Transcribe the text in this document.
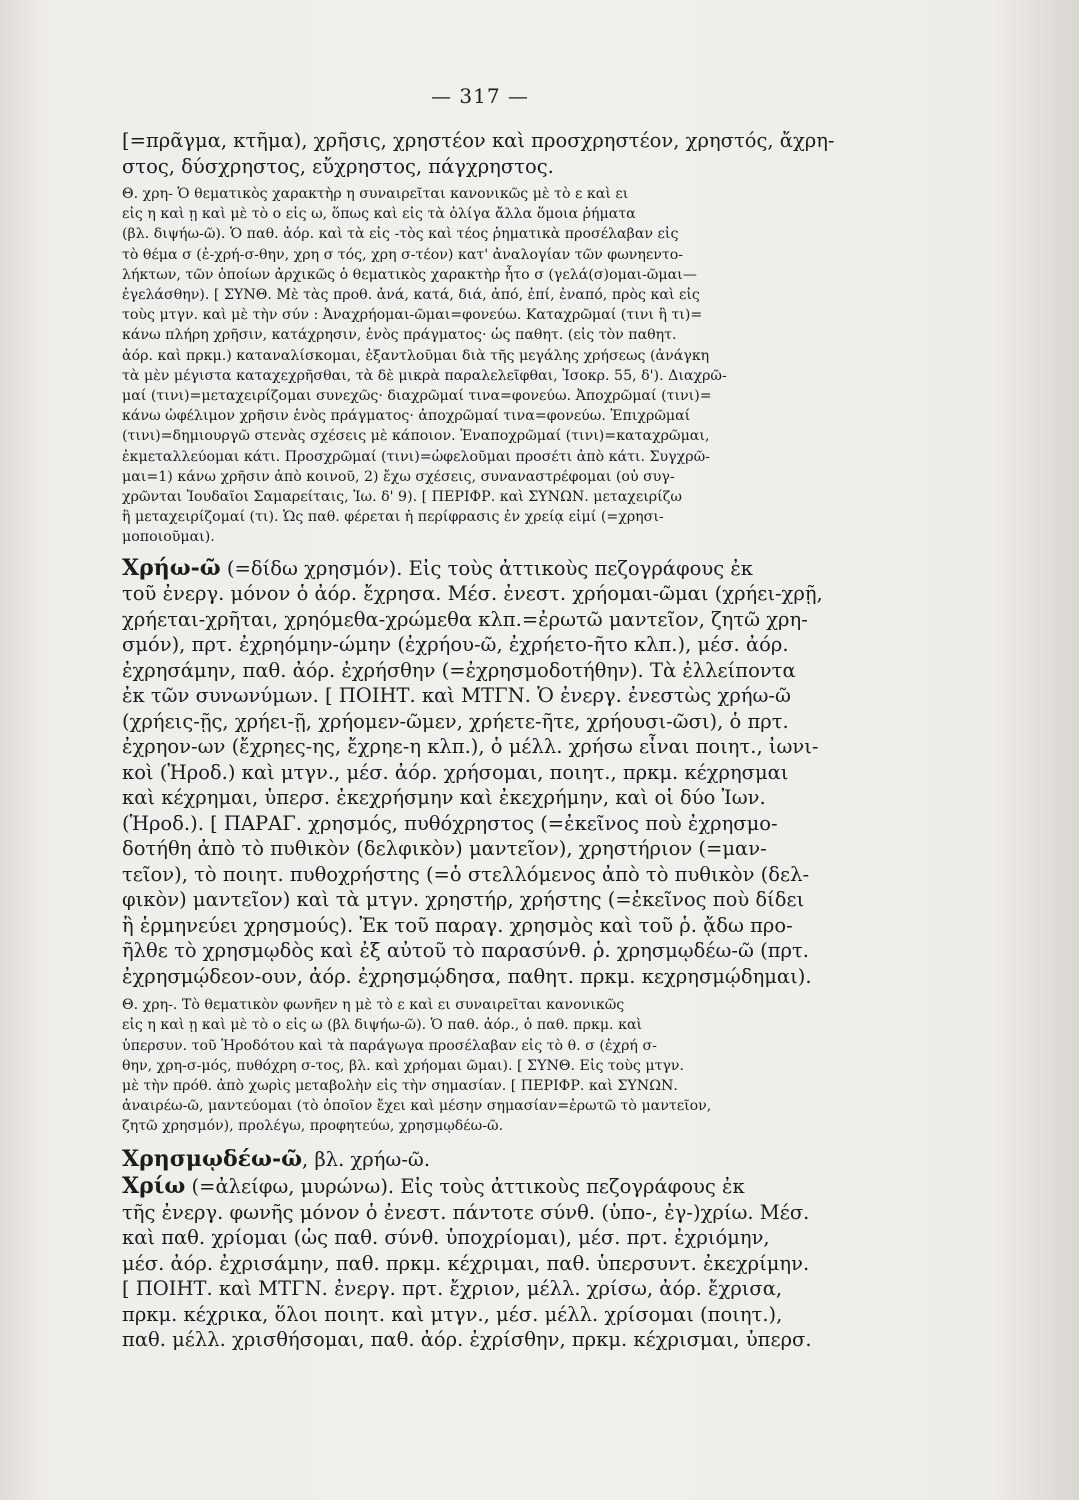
— 317 —

[=πρᾶγμα, κτῆμα), χρῆσις, χρηστέον καὶ προσχρηστέον, χρηστός, ἄχρη-

στος, δύσχρηστος, εὔχρηστος, πάγχρηστος.

Θ. χρη- Ὁ θεματικὸς χαρακτὴρ η συναιρεῖται κανονικῶς μὲ τὸ ε καὶ ει

εἰς η καὶ ῃ καὶ μὲ τὸ ο εἰς ω, ὅπως καὶ εἰς τὰ ὀλίγα ἄλλα ὅμοια ῥήματα

(βλ. διψήω-ῶ). Ὁ παθ. ἀόρ. καὶ τὰ εἰς -τὸς καὶ τέος ῥηματικὰ προσέλαβαν εἰς

τὸ θέμα σ (ἐ-χρή-σ-θην, χρη σ τός, χρη σ-τέον) κατ' ἀναλογίαν τῶν φωνηεντο-

λήκτων, τῶν ὁποίων ἀρχικῶς ὁ θεματικὸς χαρακτὴρ ἦτο σ (γελά(σ)ομαι-ῶμαι—

ἐγελάσθην). [ ΣΥΝΘ. Μὲ τὰς προθ. ἀνά, κατά, διά, ἀπό, ἐπί, ἐναπό, πρὸς καὶ εἰς

τοὺς μτγν. καὶ μὲ τὴν σύν : Ἀναχρήομαι-ῶμαι=φονεύω. Καταχρῶμαί (τινι ἢ τι)=

κάνω πλήρη χρῆσιν, κατάχρησιν, ἑνὸς πράγματος· ὡς παθητ. (εἰς τὸν παθητ.

ἀόρ. καὶ πρκμ.) καταναλίσκομαι, ἐξαντλοῦμαι διὰ τῆς μεγάλης χρήσεως (ἀνάγκη

τὰ μὲν μέγιστα καταχεχρῆσθαι, τὰ δὲ μικρὰ παραλελεῖφθαι, Ἰσοκρ. 55, δ'). Διαχρῶ-

μαί (τινι)=μεταχειρίζομαι συνεχῶς· διαχρῶμαί τινα=φονεύω. Ἀποχρῶμαί (τινι)=

κάνω ὠφέλιμον χρῆσιν ἑνὸς πράγματος· ἀποχρῶμαί τινα=φονεύω. Ἐπιχρῶμαί

(τινι)=δημιουργῶ στενὰς σχέσεις μὲ κάποιον. Ἐναποχρῶμαί (τινι)=καταχρῶμαι,

ἐκμεταλλεύομαι κάτι. Προσχρῶμαί (τινι)=ὠφελοῦμαι προσέτι ἀπὸ κάτι. Συγχρῶ-

μαι=1) κάνω χρῆσιν ἀπὸ κοινοῦ, 2) ἔχω σχέσεις, συναναστρέφομαι (οὐ συγ-

χρῶνται Ἰουδαῖοι Σαμαρείταις, Ἰω. δ' 9). [ ΠΕΡΙΦΡ. καὶ ΣΥΝΩΝ. μεταχειρίζω

ἢ μεταχειρίζομαί (τι). Ὡς παθ. φέρεται ἡ περίφρασις ἐν χρείᾳ εἰμί (=χρησι-

μοποιοῦμαι).

Χρήω-ῶ (=δίδω χρησμόν). Εἰς τοὺς ἀττικοὺς πεζογράφους ἐκ

τοῦ ἐνεργ. μόνον ὁ ἀόρ. ἔχρησα. Μέσ. ἐνεστ. χρήομαι-ῶμαι (χρήει-χρῇ,

χρήεται-χρῆται, χρηόμεθα-χρώμεθα κλπ.=ἐρωτῶ μαντεῖον, ζητῶ χρη-

σμόν), πρτ. ἐχρηόμην-ώμην (ἐχρήου-ῶ, ἐχρήετο-ῆτο κλπ.), μέσ. ἀόρ.

ἐχρησάμην, παθ. ἀόρ. ἐχρήσθην (=ἐχρησμοδοτήθην). Τὰ ἐλλείποντα

ἐκ τῶν συνωνύμων. [ ΠΟΙΗΤ. καὶ ΜΤΓΝ. Ὁ ἐνεργ. ἐνεστὼς χρήω-ῶ

(χρήεις-ῇς, χρήει-ῇ, χρήομεν-ῶμεν, χρήετε-ῆτε, χρήουσι-ῶσι), ὁ πρτ.

ἐχρηον-ων (ἔχρηες-ης, ἔχρηε-η κλπ.), ὁ μέλλ. χρήσω εἶναι ποιητ., ἰωνι-

κοὶ (Ἡροδ.) καὶ μτγν., μέσ. ἀόρ. χρήσομαι, ποιητ., πρκμ. κέχρησμαι

καὶ κέχρημαι, ὑπερσ. ἐκεχρήσμην καὶ ἐκεχρήμην, καὶ οἱ δύο Ἰων.

(Ἡροδ.). [ ΠΑΡΑΓ. χρησμός, πυθόχρηστος (=ἐκεῖνος ποὺ ἐχρησμο-

δοτήθη ἀπὸ τὸ πυθικὸν (δελφικὸν) μαντεῖον), χρηστήριον (=μαν-

τεῖον), τὸ ποιητ. πυθοχρήστης (=ὁ στελλόμενος ἀπὸ τὸ πυθικὸν (δελ-

φικὸν) μαντεῖον) καὶ τὰ μτγν. χρηστήρ, χρήστης (=ἐκεῖνος ποὺ δίδει

ἢ ἑρμηνεύει χρησμούς). Ἐκ τοῦ παραγ. χρησμὸς καὶ τοῦ ῥ. ᾄδω προ-

ῆλθε τὸ χρησμῳδὸς καὶ ἐξ αὐτοῦ τὸ παρασύνθ. ῥ. χρησμῳδέω-ῶ (πρτ.

ἐχρησμῴδεον-ουν, ἀόρ. ἐχρησμῴδησα, παθητ. πρκμ. κεχρησμῴδημαι).

Θ. χρη-. Τὸ θεματικὸν φωνῆεν η μὲ τὸ ε καὶ ει συναιρεῖται κανονικῶς

εἰς η καὶ ῃ καὶ μὲ τὸ ο εἰς ω (βλ διψήω-ῶ). Ὁ παθ. ἀόρ., ὁ παθ. πρκμ. καὶ

ὑπερσυν. τοῦ Ἡροδότου καὶ τὰ παράγωγα προσέλαβαν εἰς τὸ θ. σ (ἐχρή σ-

θην, χρη-σ-μός, πυθόχρη σ-τος, βλ. καὶ χρήομαι ῶμαι). [ ΣΥΝΘ. Εἰς τοὺς μτγν.

μὲ τὴν πρόθ. ἀπὸ χωρὶς μεταβολὴν εἰς τὴν σημασίαν. [ ΠΕΡΙΦΡ. καὶ ΣΥΝΩΝ.

ἀναιρέω-ῶ, μαντεύομαι (τὸ ὁποῖον ἔχει καὶ μέσην σημασίαν=ἐρωτῶ τὸ μαντεῖον,

ζητῶ χρησμόν), προλέγω, προφητεύω, χρησμῳδέω-ῶ.

Χρησμῳδέω-ῶ, βλ. χρήω-ῶ.

Χρίω (=ἀλείφω, μυρώνω). Εἰς τοὺς ἀττικοὺς πεζογράφους ἐκ

τῆς ἐνεργ. φωνῆς μόνον ὁ ἐνεστ. πάντοτε σύνθ. (ὑπο-, ἐγ-)χρίω. Μέσ.

καὶ παθ. χρίομαι (ὡς παθ. σύνθ. ὑποχρίομαι), μέσ. πρτ. ἐχριόμην,

μέσ. ἀόρ. ἐχρισάμην, παθ. πρκμ. κέχριμαι, παθ. ὑπερσυντ. ἐκεχρίμην.

[ ΠΟΙΗΤ. καὶ ΜΤΓΝ. ἐνεργ. πρτ. ἔχριον, μέλλ. χρίσω, ἀόρ. ἔχρισα,

πρκμ. κέχρικα, ὅλοι ποιητ. καὶ μτγν., μέσ. μέλλ. χρίσομαι (ποιητ.),

παθ. μέλλ. χρισθήσομαι, παθ. ἀόρ. ἐχρίσθην, πρκμ. κέχρισμαι, ὑπερσ.
